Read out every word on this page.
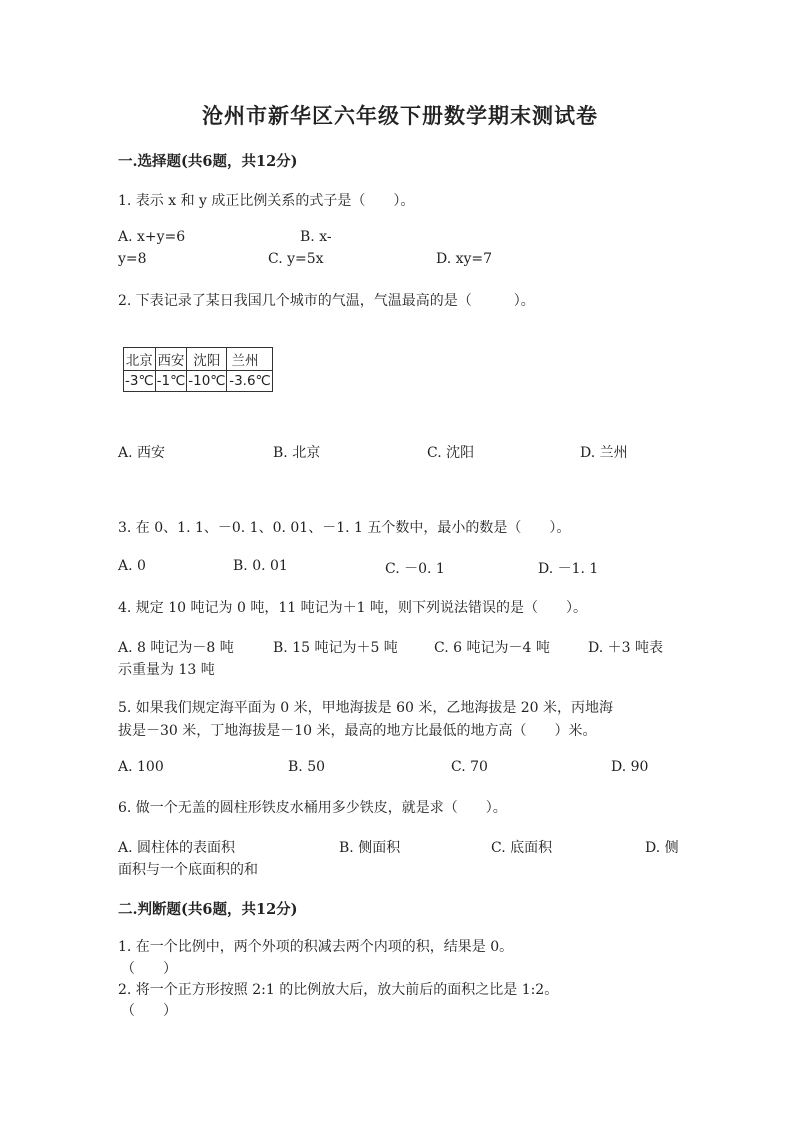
沧州市新华区六年级下册数学期末测试卷
一.选择题(共6题，共12分)
1. 表示 x 和 y 成正比例关系的式子是（　　）。
A. x+y=6	B. x-
y=8	C. y=5x	D. xy=7
2. 下表记录了某日我国几个城市的气温，气温最高的是（　　　）。
北京	西安	沈阳	兰州
-3℃	-1℃	-10℃	-3.6℃
A. 西安	B. 北京	C. 沈阳	D. 兰州
3. 在 0、1. 1、－0. 1、0. 01、－1. 1 五个数中，最小的数是（　　）。
A. 0	B. 0. 01	C. －0. 1	D. －1. 1
4. 规定 10 吨记为 0 吨，11 吨记为＋1 吨，则下列说法错误的是（　　）。
A. 8 吨记为－8 吨	B. 15 吨记为＋5 吨	C. 6 吨记为－4 吨	D. ＋3 吨表
示重量为 13 吨
5. 如果我们规定海平面为 0 米，甲地海拔是 60 米，乙地海拔是 20 米，丙地海
拔是－30 米，丁地海拔是－10 米，最高的地方比最低的地方高（　　）米。
A. 100	B. 50	C. 70	D. 90
6. 做一个无盖的圆柱形铁皮水桶用多少铁皮，就是求（　　）。
A. 圆柱体的表面积	B. 侧面积	C. 底面积	D. 侧
面积与一个底面积的和
二.判断题(共6题，共12分)
1. 在一个比例中，两个外项的积减去两个内项的积，结果是 0。
（　　）
2. 将一个正方形按照 2:1 的比例放大后，放大前后的面积之比是 1:2。
（　　）
